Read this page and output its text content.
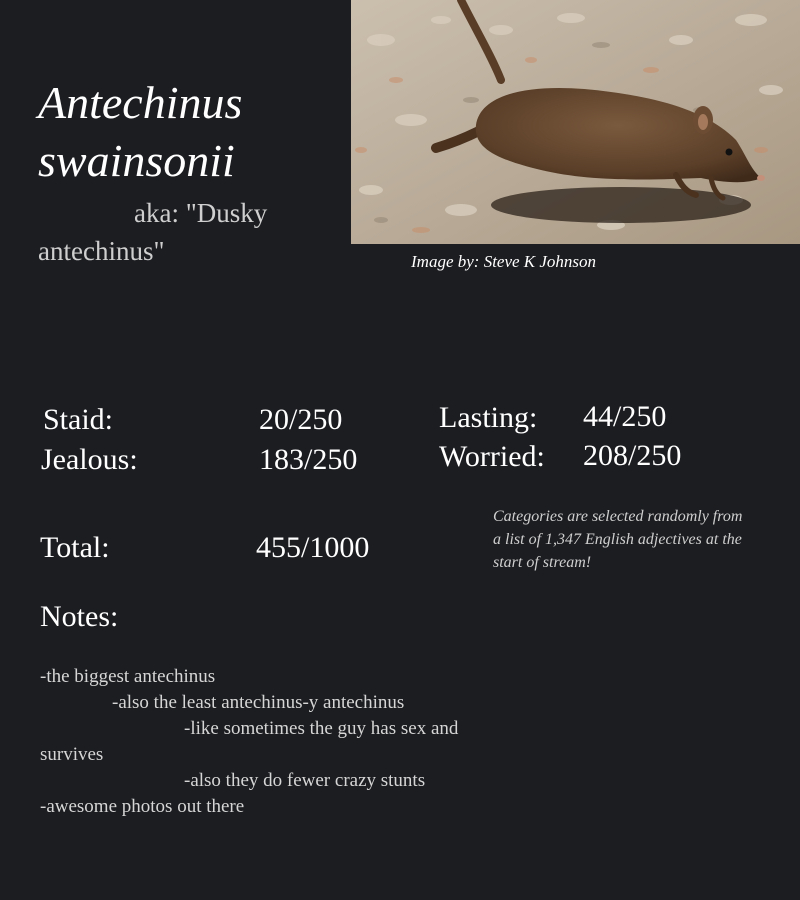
Antechinus
swainsonii
aka: "Dusky antechinus"	Image by: Steve K Johnson
Staid:	20/250
Jealous:	183/250
Lasting: 44/250
Worried: 208/250
Total:	455/1000
Categories are selected randomly from a list of 1,347 English adjectives at the start of stream!
Notes:
-the biggest antechinus
-also the least antechinus-y antechinus
-like sometimes the guy has sex and survives
-also they do fewer crazy stunts
-awesome photos out there
